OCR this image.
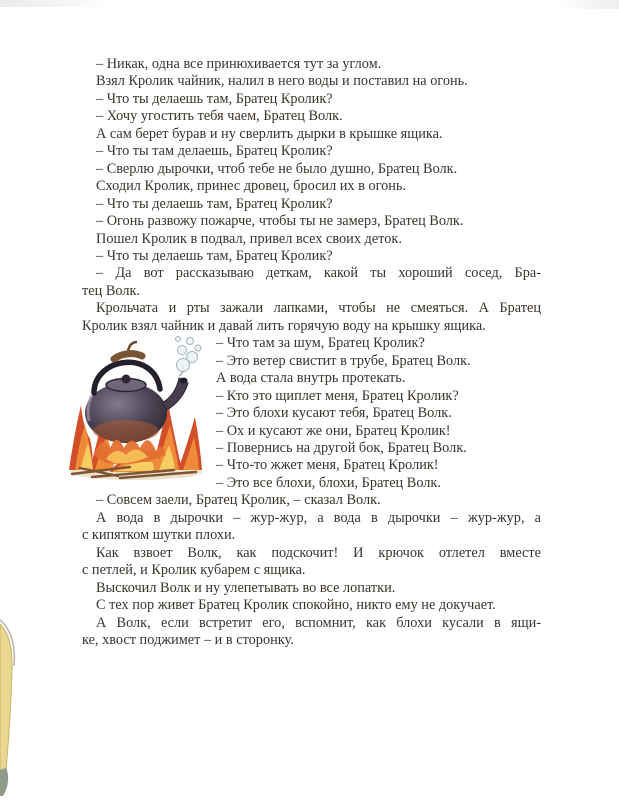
– Никак, одна все принюхивается тут за углом.
Взял Кролик чайник, налил в него воды и поставил на огонь.
– Что ты делаешь там, Братец Кролик?
– Хочу угостить тебя чаем, Братец Волк.
А сам берет бурав и ну сверлить дырки в крышке ящика.
– Что ты там делаешь, Братец Кролик?
– Сверлю дырочки, чтоб тебе не было душно, Братец Волк.
Сходил Кролик, принес дровец, бросил их в огонь.
– Что ты делаешь там, Братец Кролик?
– Огонь развожу пожарче, чтобы ты не замерз, Братец Волк.
Пошел Кролик в подвал, привел всех своих деток.
– Что ты делаешь там, Братец Кролик?
– Да вот рассказываю деткам, какой ты хороший сосед, Бра-
тец Волк.
Крольчата и рты зажали лапками, чтобы не смеяться. А Братец
Кролик взял чайник и давай лить горячую воду на крышку ящика.
– Что там за шум, Братец Кролик?
– Это ветер свистит в трубе, Братец Волк.
А вода стала внутрь протекать.
– Кто это щиплет меня, Братец Кролик?
– Это блохи кусают тебя, Братец Волк.
– Ох и кусают же они, Братец Кролик!
– Повернись на другой бок, Братец Волк.
– Что-то жжет меня, Братец Кролик!
– Это все блохи, блохи, Братец Волк.
– Совсем заели, Братец Кролик, – сказал Волк.
А вода в дырочки – жур-жур, а вода в дырочки – жур-жур, а
с кипятком шутки плохи.
Как взвоет Волк, как подскочит! И крючок отлетел вместе
с петлей, и Кролик кубарем с ящика.
Выскочил Волк и ну улепетывать во все лопатки.
С тех пор живет Братец Кролик спокойно, никто ему не докучает.
А Волк, если встретит его, вспомнит, как блохи кусали в ящи-
ке, хвост поджимет – и в сторонку.
